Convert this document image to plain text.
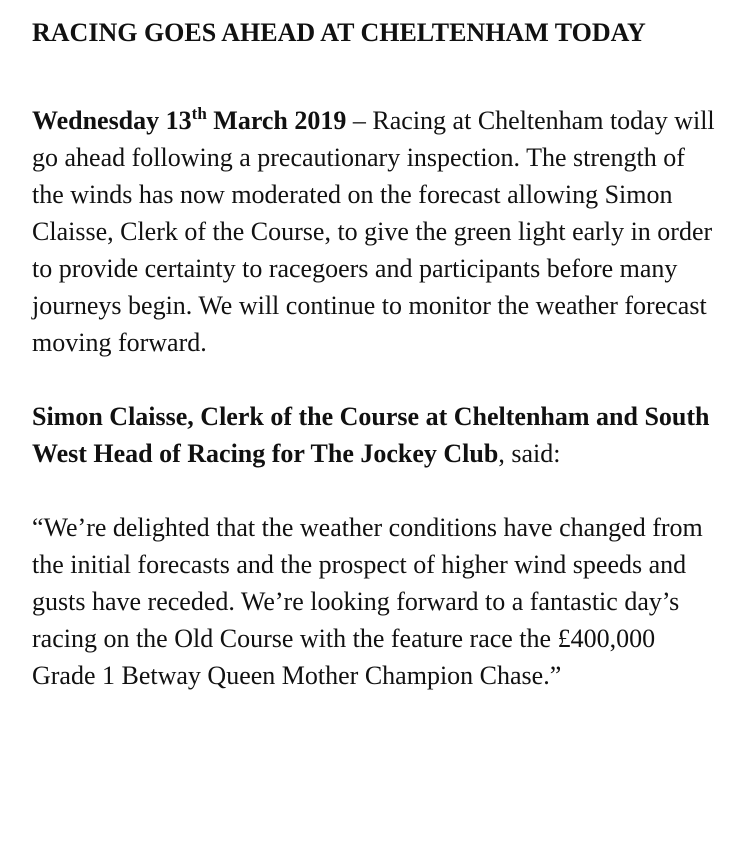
RACING GOES AHEAD AT CHELTENHAM TODAY

Wednesday 13th March 2019 – Racing at Cheltenham today will go ahead following a precautionary inspection. The strength of the winds has now moderated on the forecast allowing Simon Claisse, Clerk of the Course, to give the green light early in order to provide certainty to racegoers and participants before many journeys begin. We will continue to monitor the weather forecast moving forward.

Simon Claisse, Clerk of the Course at Cheltenham and South West Head of Racing for The Jockey Club, said:

“We’re delighted that the weather conditions have changed from the initial forecasts and the prospect of higher wind speeds and gusts have receded. We’re looking forward to a fantastic day’s racing on the Old Course with the feature race the £400,000 Grade 1 Betway Queen Mother Champion Chase.”
